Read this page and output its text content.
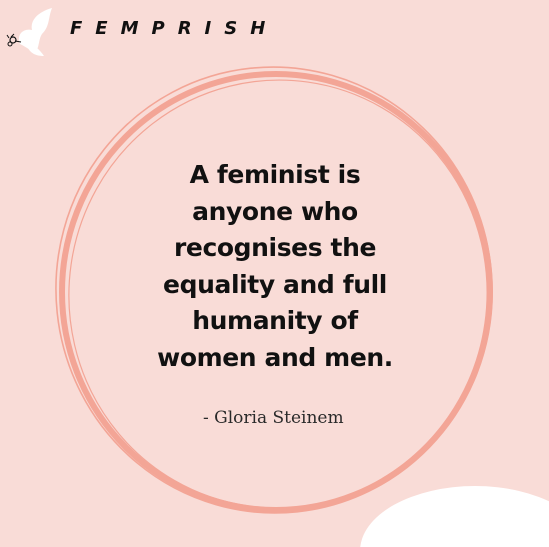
FEMPRISH

A feminist is
anyone who
recognises the
equality and full
humanity of
women and men.

- Gloria Steinem
